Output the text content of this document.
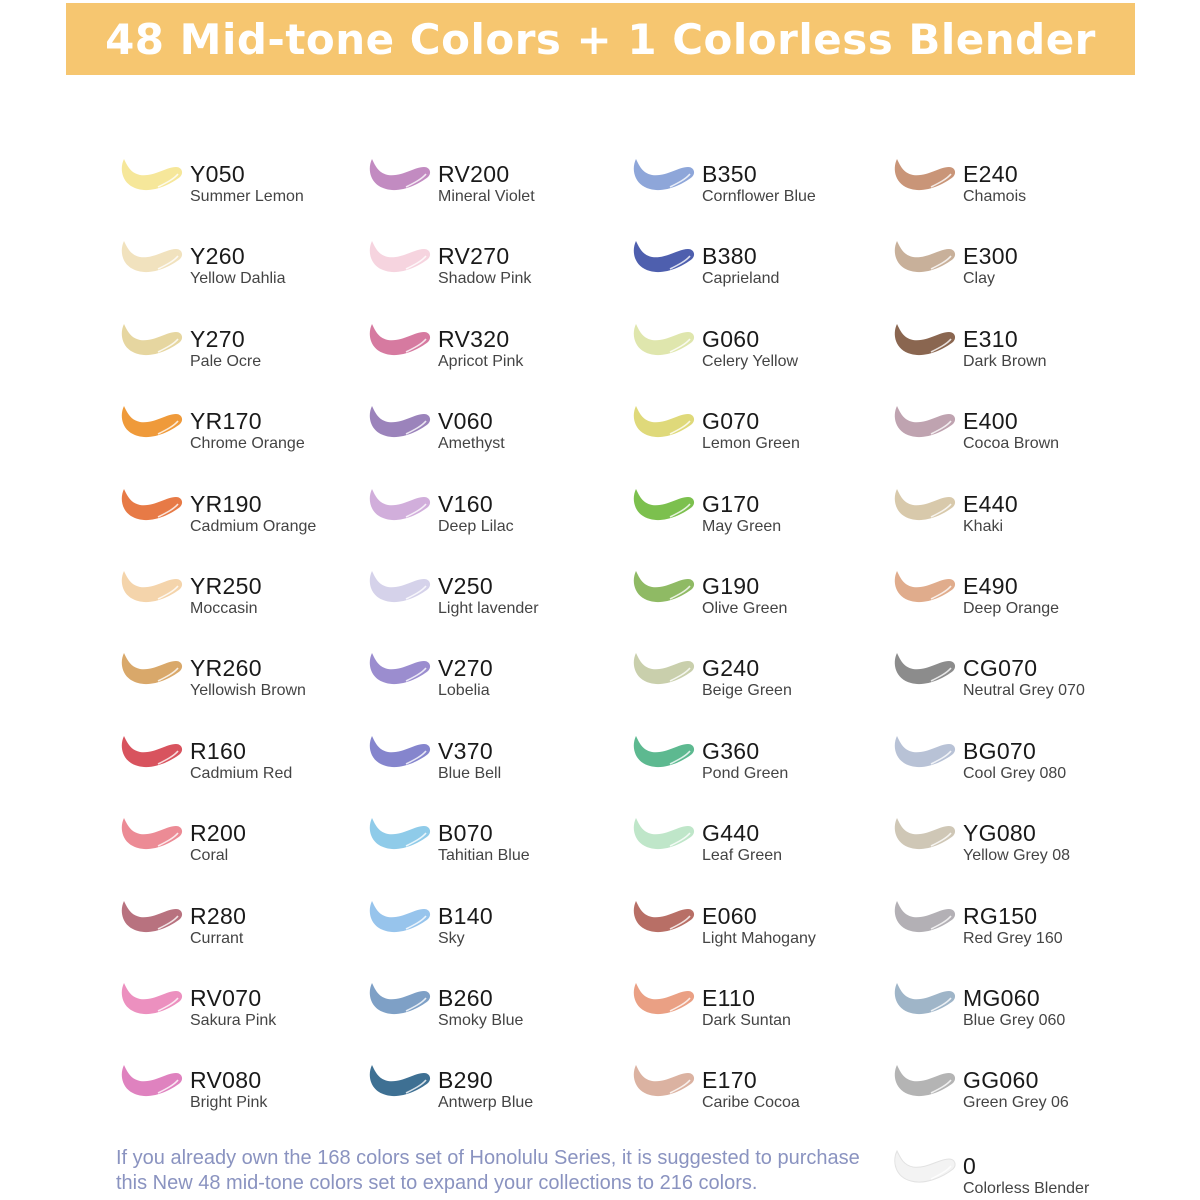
48 Mid-tone Colors + 1 Colorless Blender
Y050
Summer Lemon
Y260
Yellow Dahlia
Y270
Pale Ocre
YR170
Chrome Orange
YR190
Cadmium Orange
YR250
Moccasin
YR260
Yellowish Brown
R160
Cadmium Red
R200
Coral
R280
Currant
RV070
Sakura Pink
RV080
Bright Pink
RV200
Mineral Violet
RV270
Shadow Pink
RV320
Apricot Pink
V060
Amethyst
V160
Deep Lilac
V250
Light lavender
V270
Lobelia
V370
Blue Bell
B070
Tahitian Blue
B140
Sky
B260
Smoky Blue
B290
Antwerp Blue
B350
Cornflower Blue
B380
Caprieland
G060
Celery Yellow
G070
Lemon Green
G170
May Green
G190
Olive Green
G240
Beige Green
G360
Pond Green
G440
Leaf Green
E060
Light Mahogany
E110
Dark Suntan
E170
Caribe Cocoa
E240
Chamois
E300
Clay
E310
Dark Brown
E400
Cocoa Brown
E440
Khaki
E490
Deep Orange
CG070
Neutral Grey 070
BG070
Cool Grey 080
YG080
Yellow Grey 08
RG150
Red Grey 160
MG060
Blue Grey 060
GG060
Green Grey 06
0
Colorless Blender
If you already own the 168 colors set of Honolulu Series, it is suggested to purchase
this New 48 mid-tone colors set to expand your collections to 216 colors.
